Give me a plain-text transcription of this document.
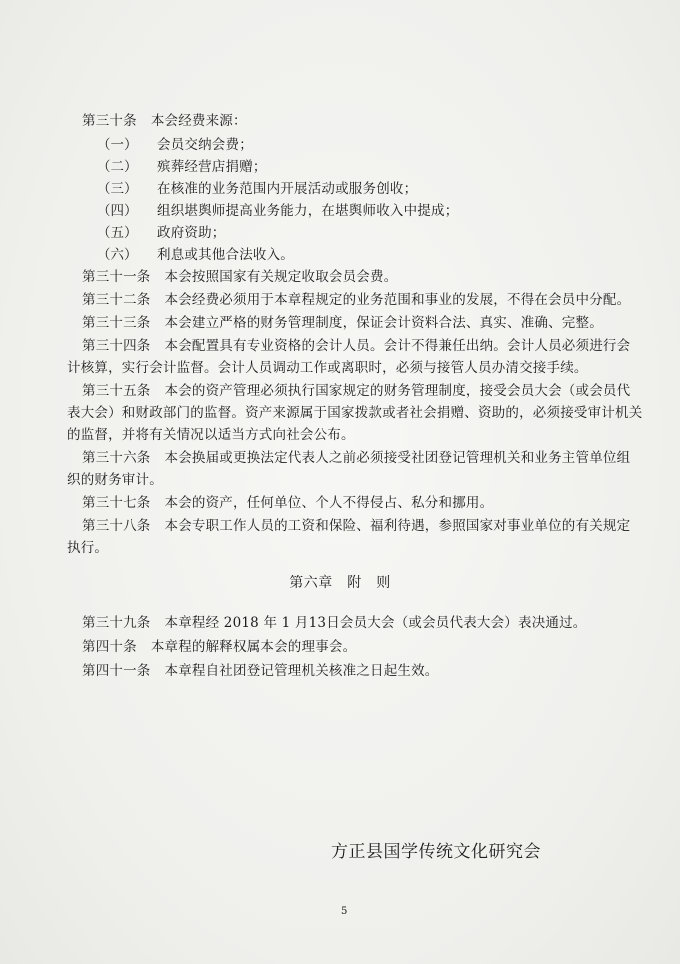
第三十条 本会经费来源：
（一） 会员交纳会费；
（二） 殡葬经营店捐赠；
（三） 在核准的业务范围内开展活动或服务创收；
（四） 组织堪舆师提高业务能力，在堪舆师收入中提成；
（五） 政府资助；
（六） 利息或其他合法收入。
第三十一条 本会按照国家有关规定收取会员会费。
第三十二条 本会经费必须用于本章程规定的业务范围和事业的发展，不得在会员中分配。
第三十三条 本会建立严格的财务管理制度，保证会计资料合法、真实、准确、完整。
第三十四条 本会配置具有专业资格的会计人员。会计不得兼任出纳。会计人员必须进行会
计核算，实行会计监督。会计人员调动工作或离职时，必须与接管人员办清交接手续。
第三十五条 本会的资产管理必须执行国家规定的财务管理制度，接受会员大会（或会员代
表大会）和财政部门的监督。资产来源属于国家拨款或者社会捐赠、资助的，必须接受审计机关
的监督，并将有关情况以适当方式向社会公布。
第三十六条 本会换届或更换法定代表人之前必须接受社团登记管理机关和业务主管单位组
织的财务审计。
第三十七条 本会的资产，任何单位、个人不得侵占、私分和挪用。
第三十八条 本会专职工作人员的工资和保险、福利待遇，参照国家对事业单位的有关规定
执行。
第六章　附　则
第三十九条 本章程经 2018 年 1 月13日会员大会（或会员代表大会）表决通过。
第四十条 本章程的解释权属本会的理事会。
第四十一条 本章程自社团登记管理机关核准之日起生效。
方正县国学传统文化研究会
5
